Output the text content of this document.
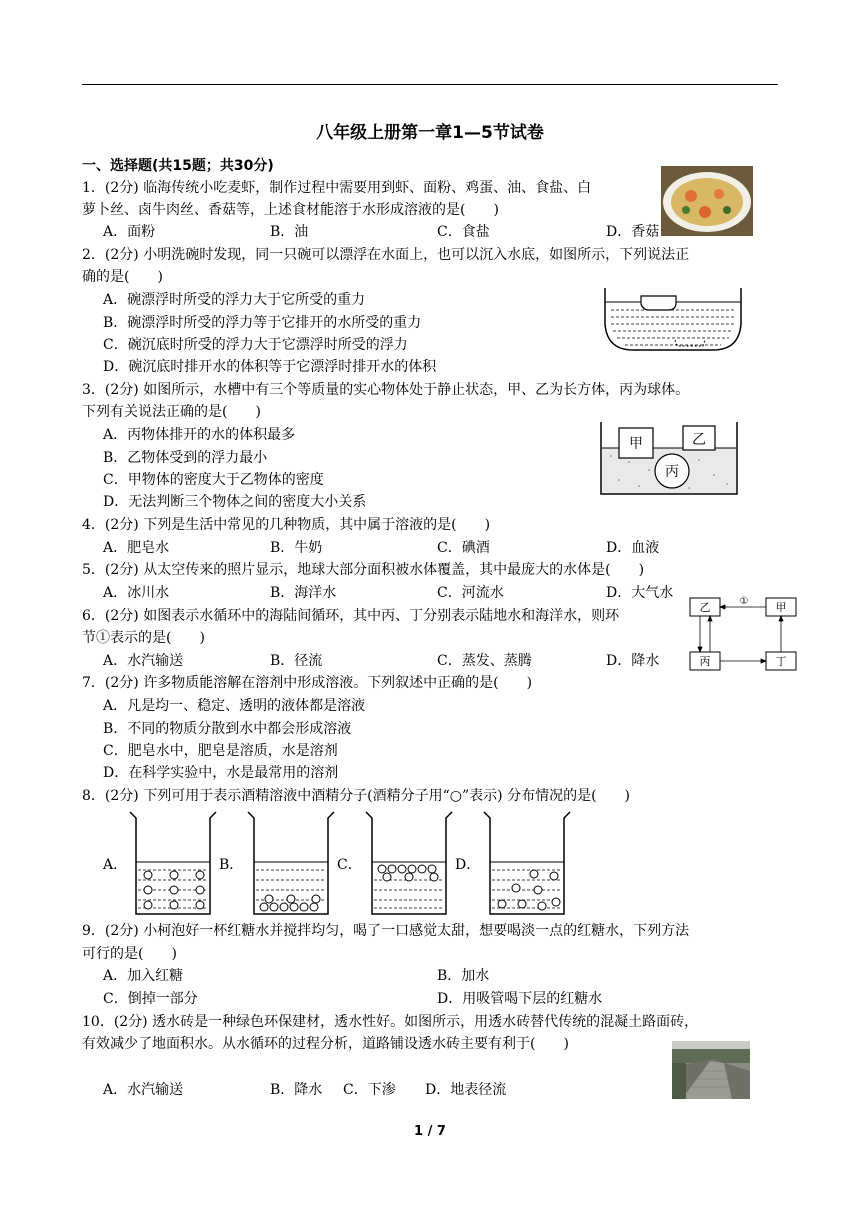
八年级上册第一章1—5节试卷
一、选择题(共15题；共30分)
1．(2分) 临海传统小吃麦虾，制作过程中需要用到虾、面粉、鸡蛋、油、食盐、白
萝卜丝、卤牛肉丝、香菇等，上述食材能溶于水形成溶液的是(　　)
A．面粉	B．油	C．食盐	D．香菇
2．(2分) 小明洗碗时发现，同一只碗可以漂浮在水面上，也可以沉入水底，如图所示，下列说法正
确的是(　　)
A．碗漂浮时所受的浮力大于它所受的重力
B．碗漂浮时所受的浮力等于它排开的水所受的重力
C．碗沉底时所受的浮力大于它漂浮时所受的浮力
D．碗沉底时排开水的体积等于它漂浮时排开水的体积
3．(2分) 如图所示，水槽中有三个等质量的实心物体处于静止状态，甲、乙为长方体，丙为球体。
下列有关说法正确的是(　　)
A．丙物体排开的水的体积最多
B．乙物体受到的浮力最小
C．甲物体的密度大于乙物体的密度
D．无法判断三个物体之间的密度大小关系
甲	乙
丙
4．(2分) 下列是生活中常见的几种物质，其中属于溶液的是(　　)
A．肥皂水	B．牛奶	C．碘酒	D．血液
5．(2分) 从太空传来的照片显示，地球大部分面积被水体覆盖，其中最庞大的水体是(　　)
A．冰川水	B．海洋水	C．河流水	D．大气水
6．(2分) 如图表示水循环中的海陆间循环，其中丙、丁分别表示陆地水和海洋水，则环
节①表示的是(　　)
A．水汽输送	B．径流	C．蒸发、蒸腾	D．降水
乙	甲
丙	丁
①
7．(2分) 许多物质能溶解在溶剂中形成溶液。下列叙述中正确的是(　　)
A．凡是均一、稳定、透明的液体都是溶液
B．不同的物质分散到水中都会形成溶液
C．肥皂水中，肥皂是溶质，水是溶剂
D．在科学实验中，水是最常用的溶剂
8．(2分) 下列可用于表示酒精溶液中酒精分子(酒精分子用“○”表示) 分布情况的是(　　)
A．	B．	C．	D．
9．(2分) 小柯泡好一杯红糖水并搅拌均匀，喝了一口感觉太甜，想要喝淡一点的红糖水，下列方法
可行的是(　　)
A．加入红糖	B．加水
C．倒掉一部分	D．用吸管喝下层的红糖水
10．(2分) 透水砖是一种绿色环保建材，透水性好。如图所示，用透水砖替代传统的混凝土路面砖，
有效减少了地面积水。从水循环的过程分析，道路铺设透水砖主要有利于(　　)
A．水汽输送	B．降水 C．下渗 D．地表径流
1 / 7
